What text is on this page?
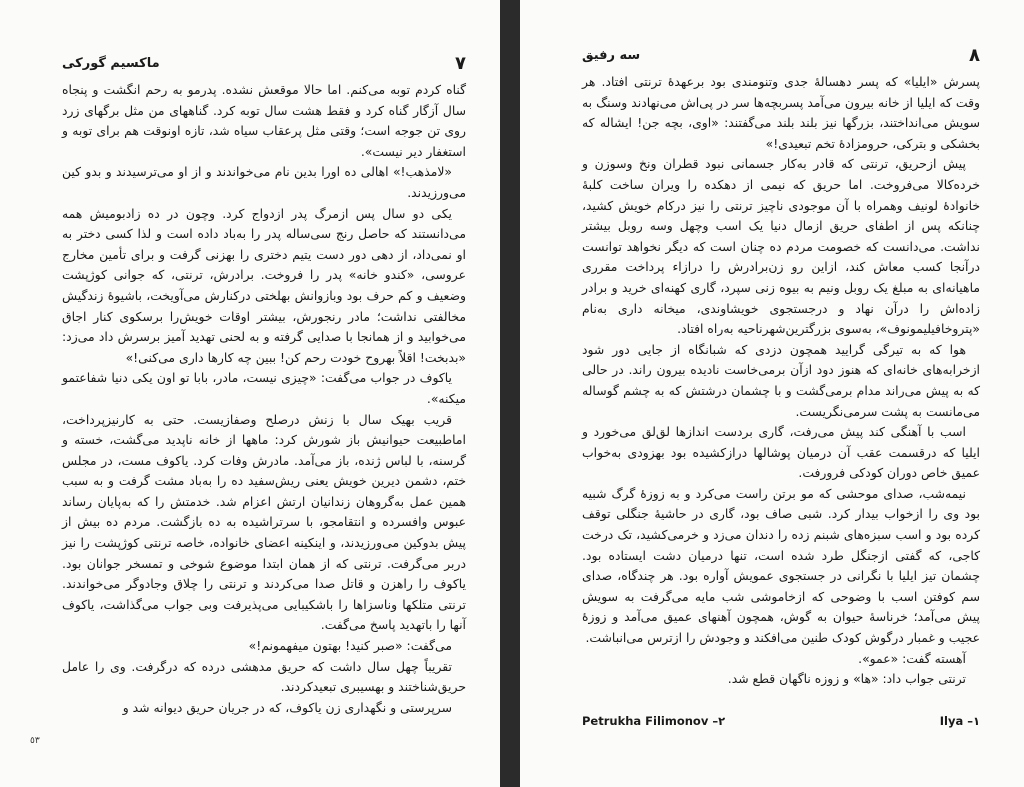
٧
ماکسیم گورکی

گناه کردم توبه می‌کنم. اما حالا موقعش نشده. پدرمو به رحم انگشت و پنجاه سال آزگار گناه کرد و فقط هشت سال توبه کرد. گناههای من مثل برگهای زرد روی تن جوجه است؛ وقتی مثل پرعقاب سیاه شد، تازه اونوقت هم برای توبه و استغفار دیر نیست».

«لامذهب!» اهالی ده اورا بدین نام می‌خواندند و از او می‌ترسیدند و بدو کین می‌ورزیدند.

یکی دو سال پس ازمرگ پدر ازدواج کرد. وچون در ده زادبومیش همه می‌دانستند که حاصل رنج سی‌ساله پدر را به‌باد داده است و لذا کسی دختر به او نمی‌داد، از دهی دور دست یتیم دختری را بهزنی گرفت و برای تأمین مخارج عروسی، «کندو خانه» پدر را فروخت. برادرش، ترنتی، که جوانی کوژپشت وضعیف و کم حرف بود وبازوانش بهلختی درکنارش می‌آویخت، باشیوهٔ زندگیش مخالفتی نداشت؛ مادر رنجورش، بیشتر اوقات خویش‌را برسکوی کنار اجاق می‌خوابید و از همانجا با صدایی گرفته و به لحنی تهدید آمیز برسرش داد می‌زد: «بدبخت! اقلاً بهروح خودت رحم کن! ببین چه کارها داری می‌کنی!»

یاکوف در جواب می‌گفت: «چیزی نیست، مادر، بابا تو اون یکی دنیا شفاعتمو میکنه».

قریب بهیک سال با زنش درصلح وصفازیست. حتی به کارنیزپرداخت، اماطبیعت حیوانیش باز شورش کرد: ماهها از خانه ناپدید می‌گشت، خسته و گرسنه، با لباس ژنده، باز می‌آمد. مادرش وفات کرد. یاکوف مست، در مجلس ختم، دشمن دیرین خویش یعنی ریش‌سفید ده را به‌باد مشت گرفت و به سبب همین عمل به‌گروهان زندانیان ارتش اعزام شد. خدمتش را که به‌پایان رساند عبوس وافسرده و انتقامجو، با سرتراشیده به ده بازگشت. مردم ده بیش از پیش بدوکین می‌ورزیدند، و اینکینه اعضای خانواده، خاصه ترنتی کوژپشت را نیز دربر می‌گرفت. ترنتی که از همان ابتدا موضوع شوخی و تمسخر جوانان بود. یاکوف را راهزن و قاتل صدا می‌کردند و ترنتی را چلاق وجادوگر می‌خواندند. ترنتی متلکها وناسزاها را باشکیبایی می‌پذیرفت وبی جواب می‌گذاشت، یاکوف آنها را باتهدید پاسخ می‌گفت.

می‌گفت: «صبر کنید! بهتون میفهمونم!»

تقریباً چهل سال داشت که حریق مدهشی درده که درگرفت. وی را عامل حریق‌شناختند و بهسیبری تبعیدکردند.

سرپرستی و نگهداری زن یاکوف، که در جریان حریق دیوانه شد و

٥٣
٨
سه رفیق

پسرش «ایلیا» که پسر دهسالهٔ جدی وتنومندی بود برعهدهٔ ترنتی افتاد. هر وقت که ایلیا از خانه بیرون می‌آمد پسربچه‌ها سر در پی‌اش می‌نهادند وسنگ به سویش می‌انداختند، بزرگها نیز بلند بلند می‌گفتند: «اوی، بچه جن! ایشاله که بخشکی و بترکی، حرومزادهٔ تخم تبعیدی!»

پیش ازحریق، ترنتی که قادر به‌کار جسمانی نبود قطران ونخ وسوزن و خرده‌کالا می‌فروخت. اما حریق که نیمی از دهکده را ویران ساخت کلبهٔ خانوادهٔ لونیف وهمراه با آن موجودی ناچیز ترنتی را نیز درکام خویش کشید، چنانکه پس از اطفای حریق ازمال دنیا یک اسب وچهل وسه روبل بیشتر نداشت. می‌دانست که خصومت مردم ده چنان است که دیگر نخواهد توانست درآنجا کسب معاش کند، ازاین رو زن‌برادرش را درازاء پرداخت مقرری ماهیانه‌ای به مبلغ یک روبل ونیم به بیوه زنی سپرد، گاری کهنه‌ای خرید و برادر زاده‌اش را درآن نهاد و درجستجوی خویشاوندی، میخانه داری به‌نام «پتروخافیلیمونوف»، به‌سوی بزرگترین‌شهرناحیه به‌راه افتاد.

هوا که به تیرگی گرایید همچون دزدی که شبانگاه از جایی دور شود ازخرابه‌های خانه‌ای که هنوز دود ازآن برمی‌خاست نادیده بیرون راند. در حالی که به پیش می‌راند مدام برمی‌گشت و با چشمان درشتش که به چشم گوساله می‌مانست به پشت سرمی‌نگریست.

اسب با آهنگی کند پیش می‌رفت، گاری بردست اندازها لق‌لق می‌خورد و ایلیا که درقسمت عقب آن درمیان پوشالها درازکشیده بود بهزودی به‌خواب عمیق خاص دوران کودکی فرورفت.

نیمه‌شب، صدای موحشی که مو برتن راست می‌کرد و به زوزهٔ گرگ شبیه بود وی را ازخواب بیدار کرد. شبی صاف بود، گاری در حاشیهٔ جنگلی توقف کرده بود و اسب سبزه‌های شبنم زده را دندان می‌زد و خرمی‌کشید، تک درخت کاجی، که گفتی ازجنگل طرد شده است، تنها درمیان دشت ایستاده بود. چشمان تیز ایلیا با نگرانی در جستجوی عمویش آواره بود. هر چندگاه، صدای سم کوفتن اسب با وضوحی که ازخاموشی شب مایه می‌گرفت به سویش پیش می‌آمد؛ خرناسهٔ حیوان به گوش، همچون آهنهای عمیق می‌آمد و زوزهٔ عجیب و غمبار درگوش کودک طنین می‌افکند و وجودش را ازترس می‌انباشت.

آهسته گفت: «عمو».

ترنتی جواب داد: «ها» و زوزه ناگهان قطع شد.

Petrukha Filimonov –٢	Ilya –١
